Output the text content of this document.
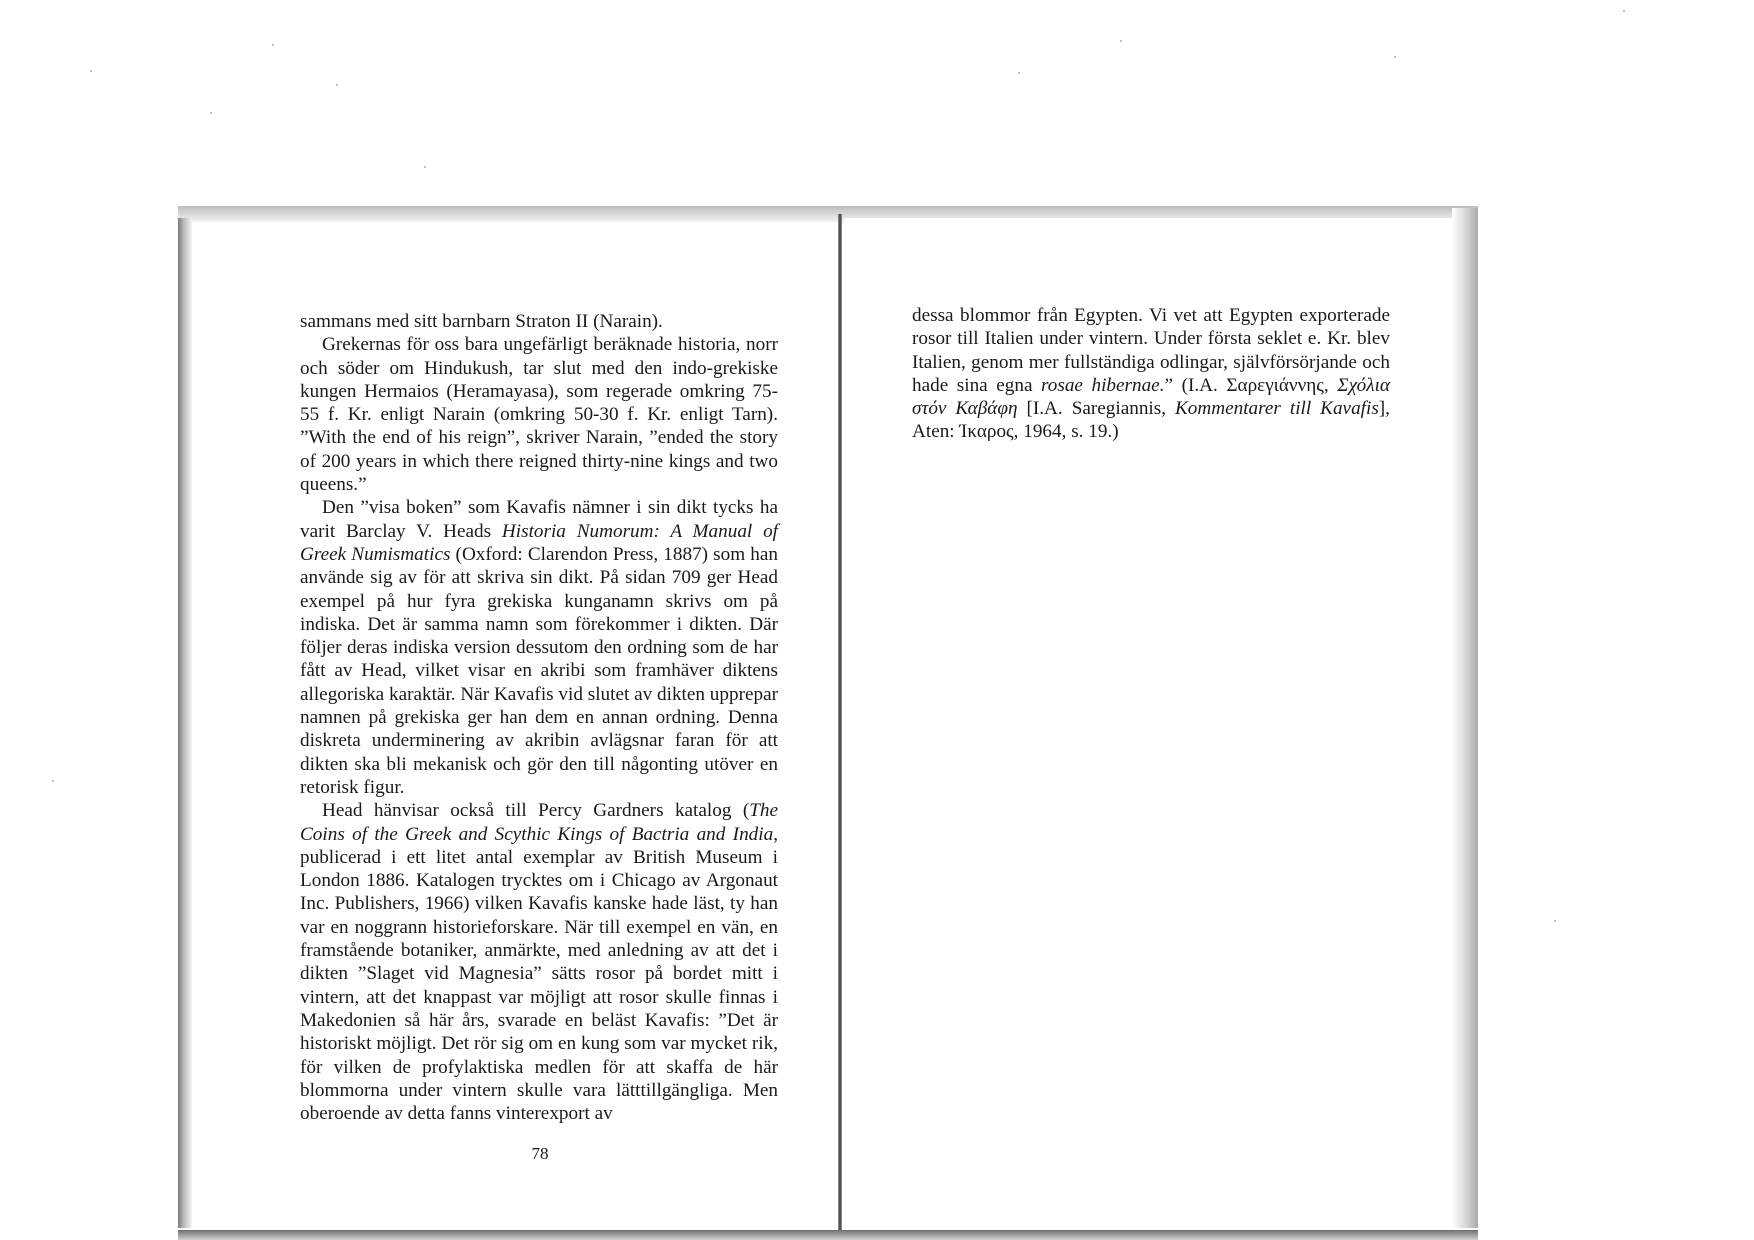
sammans med sitt barnbarn Straton II (Narain).

Grekernas för oss bara ungefärligt beräknade historia, norr och söder om Hindukush, tar slut med den indo-grekiske kungen Hermaios (Heramayasa), som regerade omkring 75-55 f. Kr. enligt Narain (omkring 50-30 f. Kr. enligt Tarn). ”With the end of his reign”, skriver Narain, ”ended the story of 200 years in which there reigned thirty-nine kings and two queens.”

Den ”visa boken” som Kavafis nämner i sin dikt tycks ha varit Barclay V. Heads Historia Numorum: A Manual of Greek Numismatics (Oxford: Clarendon Press, 1887) som han använde sig av för att skriva sin dikt. På sidan 709 ger Head exempel på hur fyra grekiska kunganamn skrivs om på indiska. Det är samma namn som förekommer i dikten. Där följer deras indiska version dessutom den ordning som de har fått av Head, vilket visar en akribi som framhäver diktens allegoriska karaktär. När Kavafis vid slutet av dikten upprepar namnen på grekiska ger han dem en annan ordning. Denna diskreta underminering av akribin avlägsnar faran för att dikten ska bli mekanisk och gör den till någonting utöver en retorisk figur.

Head hänvisar också till Percy Gardners katalog (The Coins of the Greek and Scythic Kings of Bactria and India, publicerad i ett litet antal exemplar av British Museum i London 1886. Katalogen trycktes om i Chicago av Argonaut Inc. Publishers, 1966) vilken Kavafis kanske hade läst, ty han var en noggrann historieforskare. När till exempel en vän, en framstående botaniker, anmärkte, med anledning av att det i dikten ”Slaget vid Magnesia” sätts rosor på bordet mitt i vintern, att det knappast var möjligt att rosor skulle finnas i Makedonien så här års, svarade en beläst Kavafis: ”Det är historiskt möjligt. Det rör sig om en kung som var mycket rik, för vilken de profylaktiska medlen för att skaffa de här blommorna under vintern skulle vara lätttillgängliga. Men oberoende av detta fanns vinterexport av

78

dessa blommor från Egypten. Vi vet att Egypten exporterade rosor till Italien under vintern. Under första seklet e. Kr. blev Italien, genom mer fullständiga odlingar, självförsörjande och hade sina egna rosae hibernae.” (I.A. Σαρεγιάννης, Σχόλια στόν Καβάφη [I.A. Saregiannis, Kommentarer till Kavafis], Aten: Ίκαρος, 1964, s. 19.)
